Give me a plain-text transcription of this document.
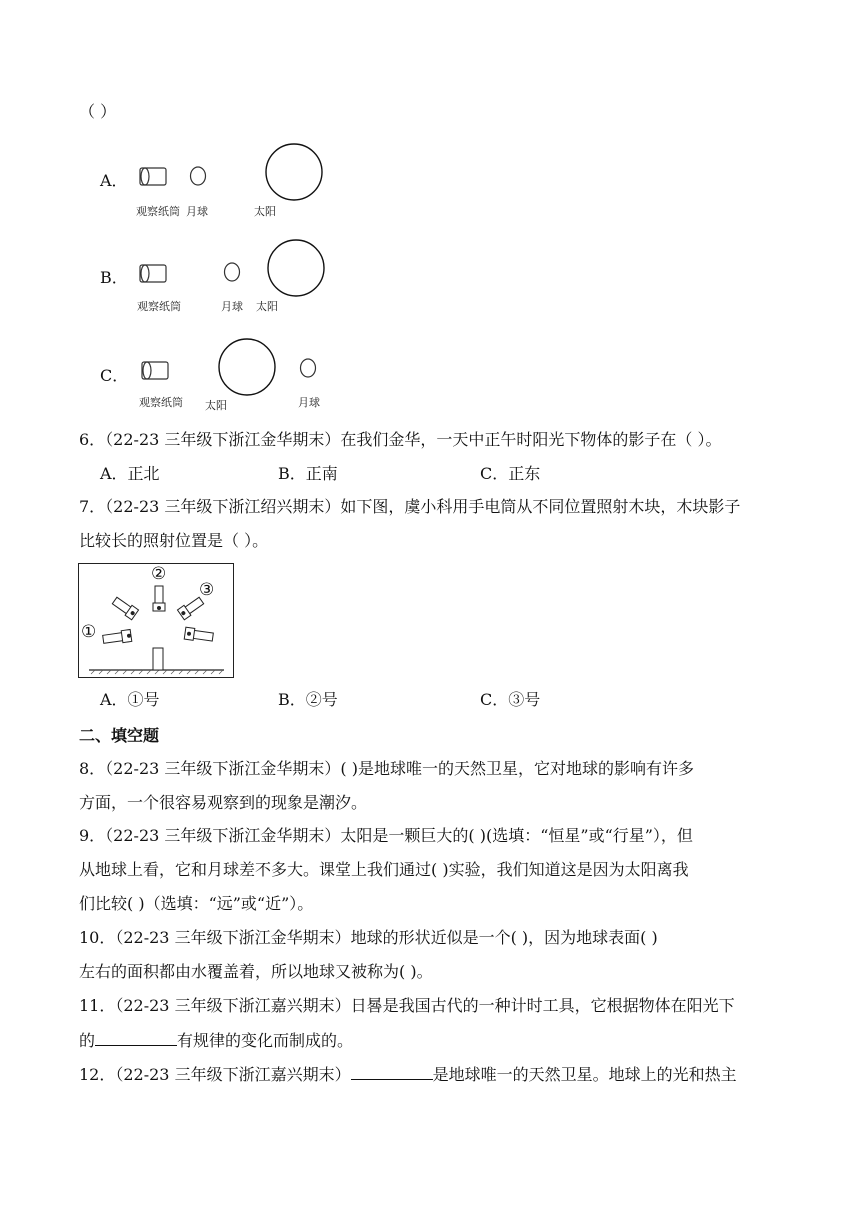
（ ）
A．
观察纸筒 月球	太阳
B．
观察纸筒	月球 太阳
C．
观察纸筒 太阳	月球
6．（22-23 三年级下浙江金华期末）在我们金华，一天中正午时阳光下物体的影子在（ ）。
A．正北	B．正南	C．正东
7．（22-23 三年级下浙江绍兴期末）如下图，虞小科用手电筒从不同位置照射木块，木块影子
比较长的照射位置是（ ）。
①
②
③
A．①号	B．②号	C．③号
二、填空题
8．（22-23 三年级下浙江金华期末）( )是地球唯一的天然卫星，它对地球的影响有许多
方面，一个很容易观察到的现象是潮汐。
9．（22-23 三年级下浙江金华期末）太阳是一颗巨大的( )(选填：“恒星”或“行星”），但
从地球上看，它和月球差不多大。课堂上我们通过( )实验，我们知道这是因为太阳离我
们比较( )（选填：“远”或“近”）。
10．（22-23 三年级下浙江金华期末）地球的形状近似是一个( )，因为地球表面( )
左右的面积都由水覆盖着，所以地球又被称为( )。
11．（22-23 三年级下浙江嘉兴期末）日晷是我国古代的一种计时工具，它根据物体在阳光下
的	有规律的变化而制成的。
12．（22-23 三年级下浙江嘉兴期末）	是地球唯一的天然卫星。地球上的光和热主
